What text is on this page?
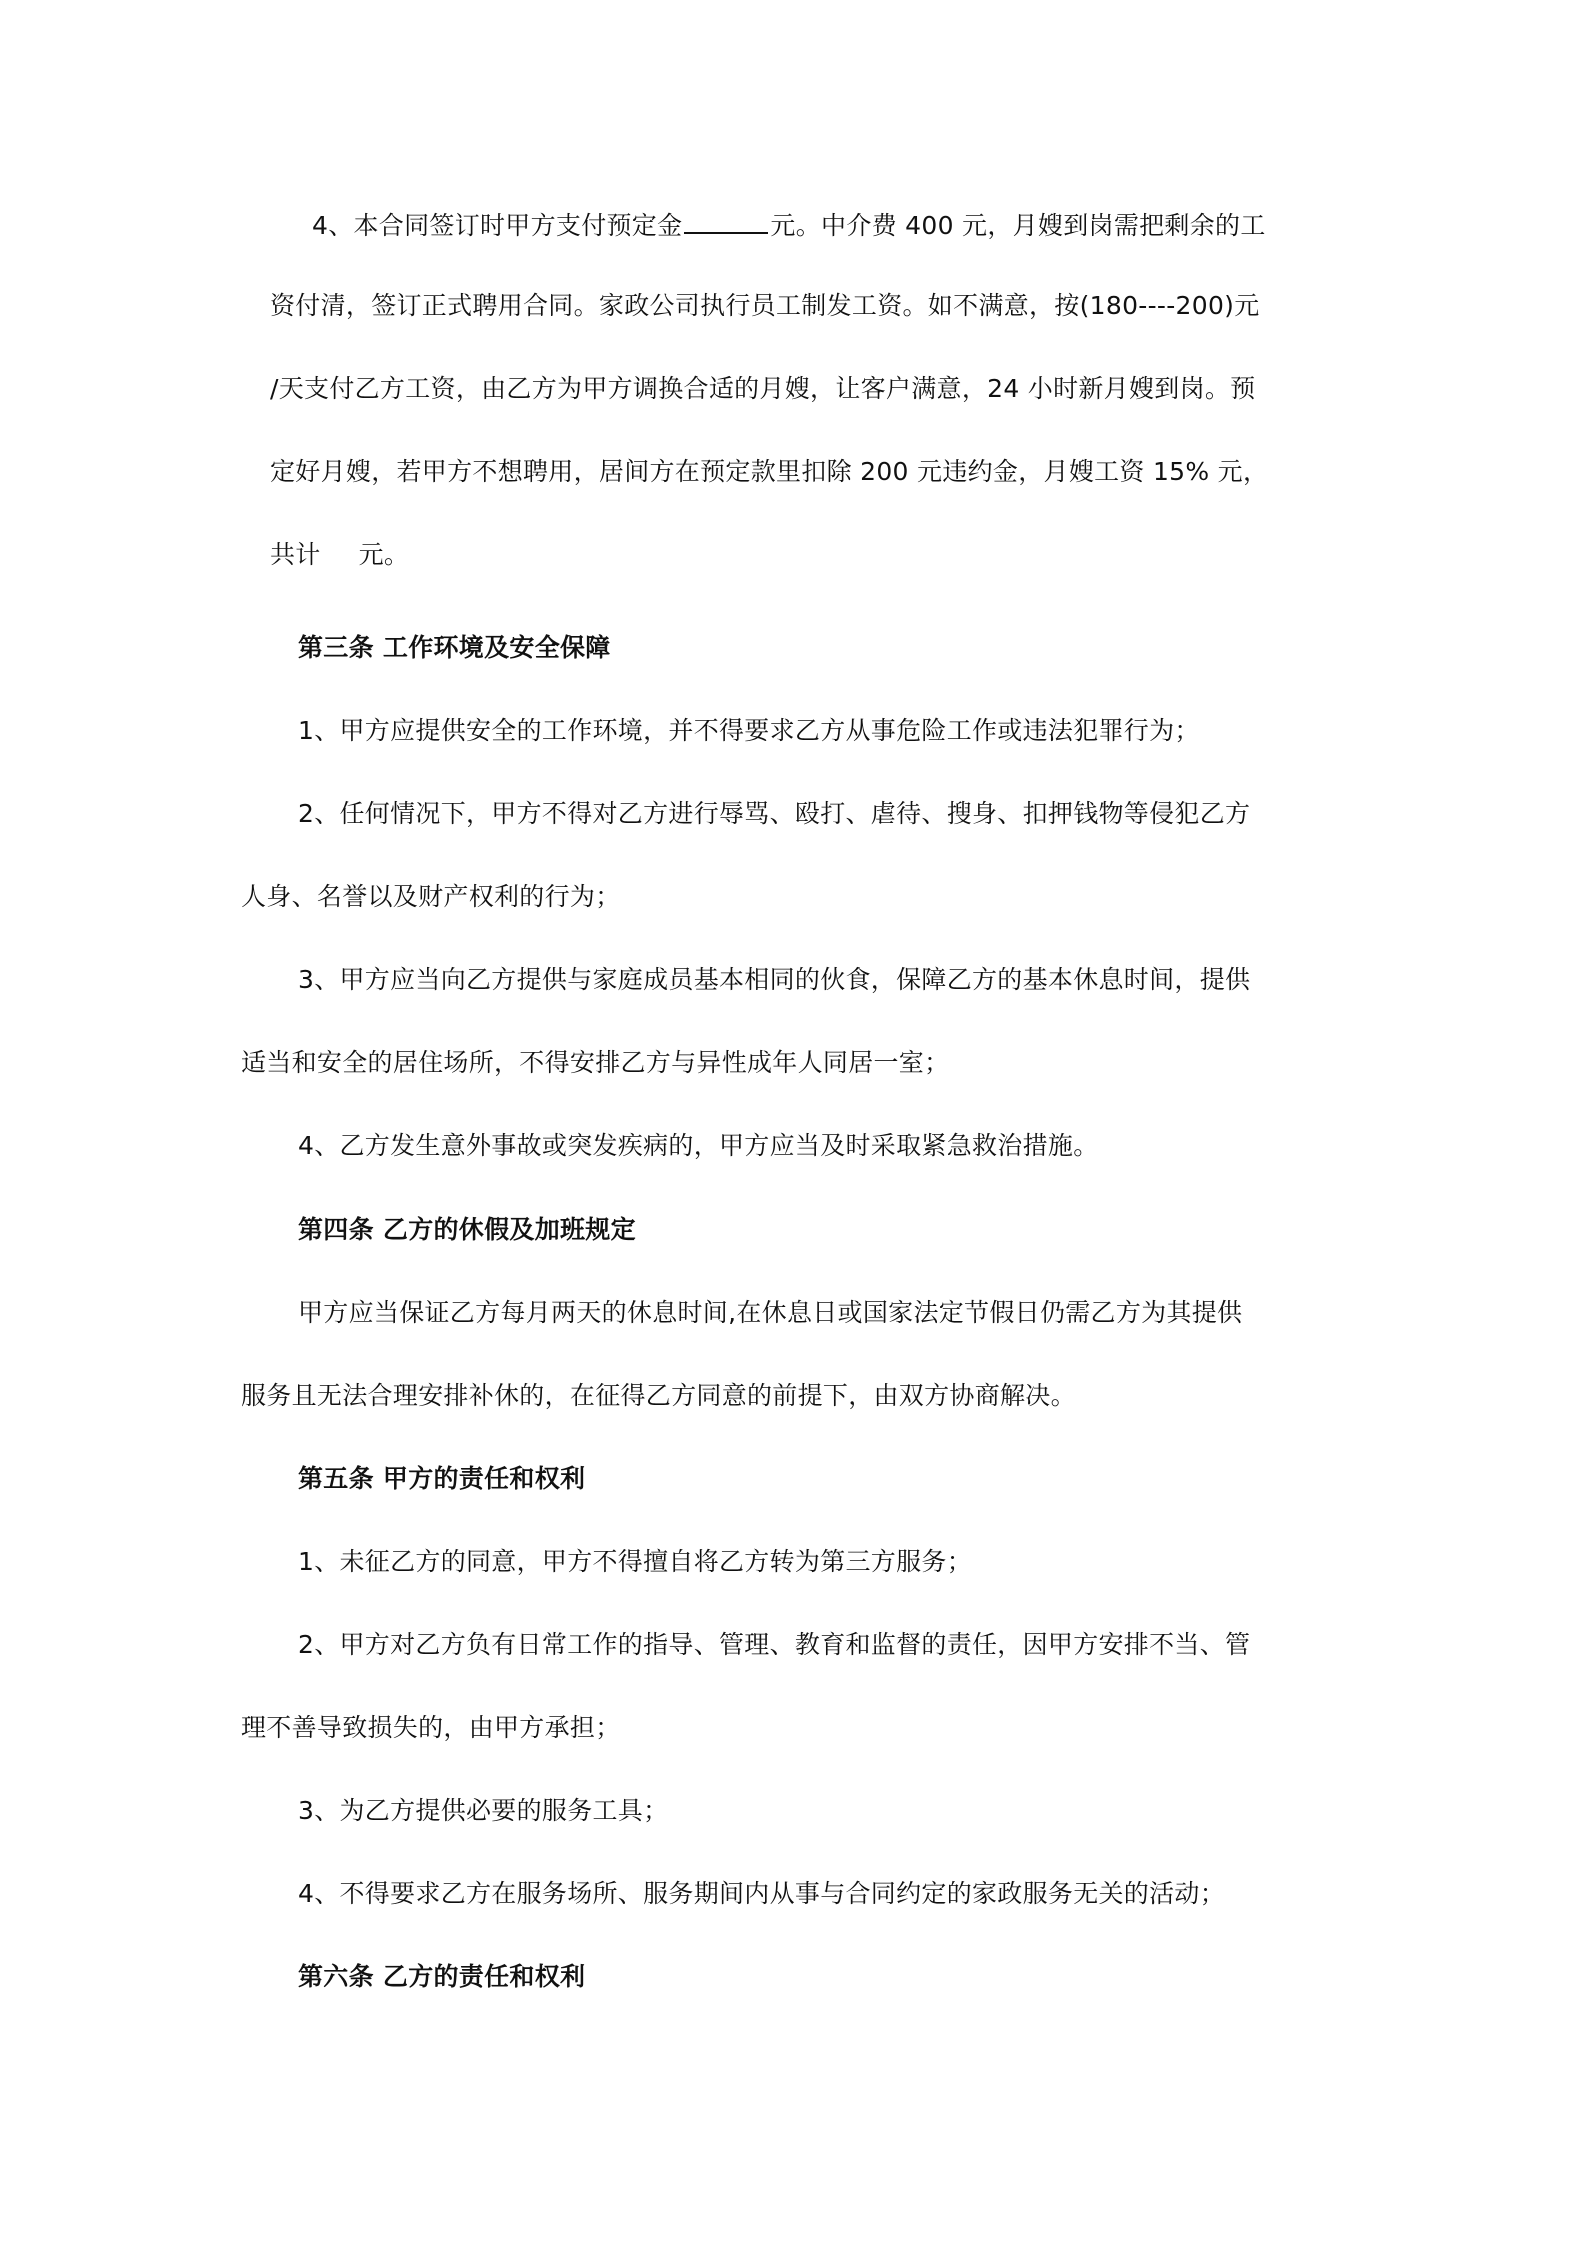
4、本合同签订时甲方支付预定金	元。中介费 400 元，月嫂到岗需把剩余的工
资付清，签订正式聘用合同。家政公司执行员工制发工资。如不满意，按(180----200)元
/天支付乙方工资，由乙方为甲方调换合适的月嫂，让客户满意，24 小时新月嫂到岗。预
定好月嫂，若甲方不想聘用，居间方在预定款里扣除 200 元违约金，月嫂工资 15% 元，
共计 元。
第三条 工作环境及安全保障
1、甲方应提供安全的工作环境，并不得要求乙方从事危险工作或违法犯罪行为；
2、任何情况下，甲方不得对乙方进行辱骂、殴打、虐待、搜身、扣押钱物等侵犯乙方
人身、名誉以及财产权利的行为；
3、甲方应当向乙方提供与家庭成员基本相同的伙食，保障乙方的基本休息时间，提供
适当和安全的居住场所，不得安排乙方与异性成年人同居一室；
4、乙方发生意外事故或突发疾病的，甲方应当及时采取紧急救治措施。
第四条 乙方的休假及加班规定
甲方应当保证乙方每月两天的休息时间,在休息日或国家法定节假日仍需乙方为其提供
服务且无法合理安排补休的，在征得乙方同意的前提下，由双方协商解决。
第五条 甲方的责任和权利
1、未征乙方的同意，甲方不得擅自将乙方转为第三方服务；
2、甲方对乙方负有日常工作的指导、管理、教育和监督的责任，因甲方安排不当、管
理不善导致损失的，由甲方承担；
3、为乙方提供必要的服务工具；
4、不得要求乙方在服务场所、服务期间内从事与合同约定的家政服务无关的活动；
第六条 乙方的责任和权利
